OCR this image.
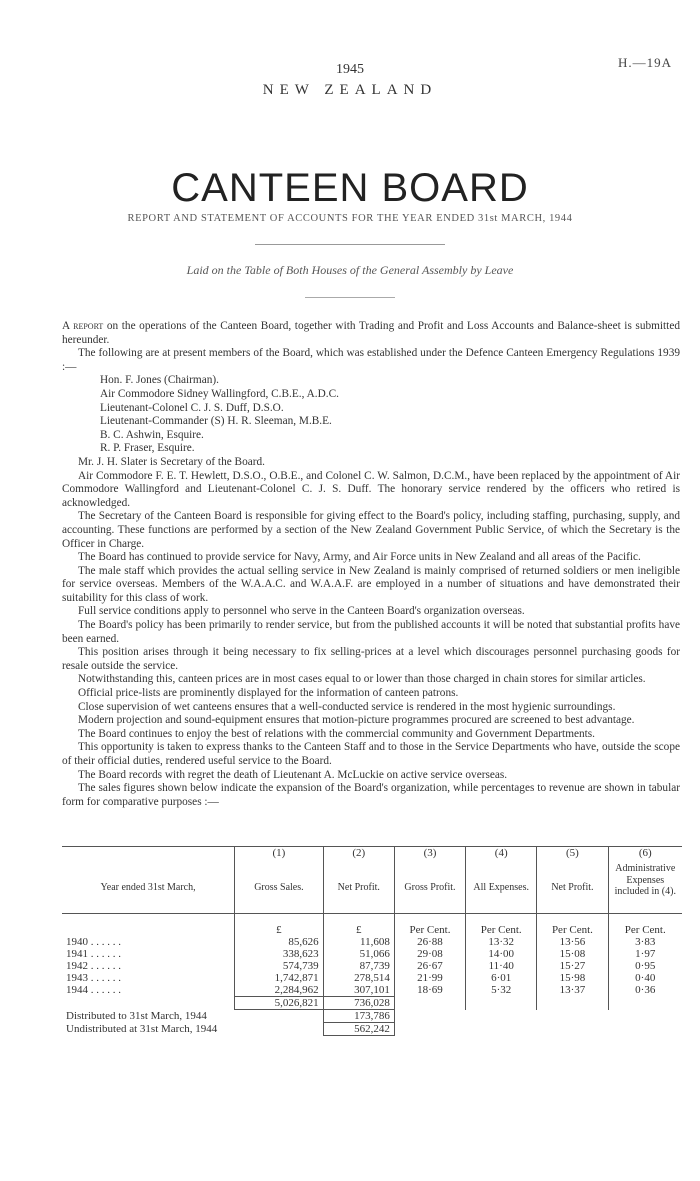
H.—19A
1945
NEW ZEALAND
CANTEEN BOARD
REPORT AND STATEMENT OF ACCOUNTS FOR THE YEAR ENDED 31st MARCH, 1944
Laid on the Table of Both Houses of the General Assembly by Leave

A report on the operations of the Canteen Board, together with Trading and Profit and Loss Accounts and Balance-sheet is submitted hereunder.

The following are at present members of the Board, which was established under the Defence Canteen Emergency Regulations 1939 :—

Hon. F. Jones (Chairman).
Air Commodore Sidney Wallingford, C.B.E., A.D.C.
Lieutenant-Colonel C. J. S. Duff, D.S.O.
Lieutenant-Commander (S) H. R. Sleeman, M.B.E.
B. C. Ashwin, Esquire.
R. P. Fraser, Esquire.

Mr. J. H. Slater is Secretary of the Board.

Air Commodore F. E. T. Hewlett, D.S.O., O.B.E., and Colonel C. W. Salmon, D.C.M., have been replaced by the appointment of Air Commodore Wallingford and Lieutenant-Colonel C. J. S. Duff. The honorary service rendered by the officers who retired is acknowledged.

The Secretary of the Canteen Board is responsible for giving effect to the Board's policy, including staffing, purchasing, supply, and accounting. These functions are performed by a section of the New Zealand Government Public Service, of which the Secretary is the Officer in Charge.

The Board has continued to provide service for Navy, Army, and Air Force units in New Zealand and all areas of the Pacific.

The male staff which provides the actual selling service in New Zealand is mainly comprised of returned soldiers or men ineligible for service overseas. Members of the W.A.A.C. and W.A.A.F. are employed in a number of situations and have demonstrated their suitability for this class of work.

Full service conditions apply to personnel who serve in the Canteen Board's organization overseas.

The Board's policy has been primarily to render service, but from the published accounts it will be noted that substantial profits have been earned.

This position arises through it being necessary to fix selling-prices at a level which discourages personnel purchasing goods for resale outside the service.

Notwithstanding this, canteen prices are in most cases equal to or lower than those charged in chain stores for similar articles.

Official price-lists are prominently displayed for the information of canteen patrons.

Close supervision of wet canteens ensures that a well-conducted service is rendered in the most hygienic surroundings.

Modern projection and sound-equipment ensures that motion-picture programmes procured are screened to best advantage.

The Board continues to enjoy the best of relations with the commercial community and Government Departments.

This opportunity is taken to express thanks to the Canteen Staff and to those in the Service Departments who have, outside the scope of their official duties, rendered useful service to the Board.

The Board records with regret the death of Lieutenant A. McLuckie on active service overseas.

The sales figures shown below indicate the expansion of the Board's organization, while percentages to revenue are shown in tabular form for comparative purposes :—

	(1)	(2)	(3)	(4)	(5)	(6)
Year ended 31st March,	Gross Sales.	Net Profit.	Gross Profit.	All Expenses.	Net Profit.	Administrative Expenses included in (4).
	£	£	Per Cent.	Per Cent.	Per Cent.	Per Cent.
1940 . . . . . .	85,626	11,608	26·88	13·32	13·56	3·83
1941 . . . . . .	338,623	51,066	29·08	14·00	15·08	1·97
1942 . . . . . .	574,739	87,739	26·67	11·40	15·27	0·95
1943 . . . . . .	1,742,871	278,514	21·99	6·01	15·98	0·40
1944 . . . . . .	2,284,962	307,101	18·69	5·32	13·37	0·36
	5,026,821	736,028				
Distributed to 31st March, 1944		173,786				
Undistributed at 31st March, 1944		562,242				
